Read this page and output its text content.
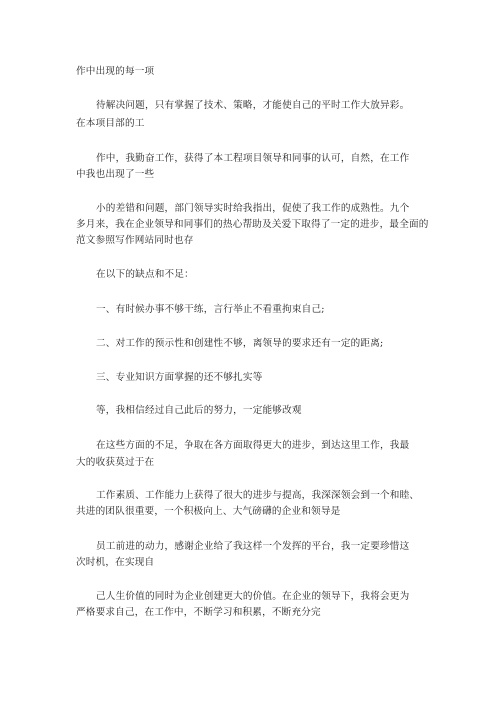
作中出现的每一项
待解决问题，只有掌握了技术、策略，才能使自己的平时工作大放异彩。
在本项目部的工
作中，我勤奋工作，获得了本工程项目领导和同事的认可，自然，在工作
中我也出现了一些
小的差错和问题，部门领导实时给我指出，促使了我工作的成熟性。九个
多月来，我在企业领导和同事们的热心帮助及关爱下取得了一定的进步，最全面的
范文参照写作网站同时也存
在以下的缺点和不足：
一、有时候办事不够干练，言行举止不看重拘束自己;
二、对工作的预示性和创建性不够，离领导的要求还有一定的距离;
三、专业知识方面掌握的还不够扎实等
等，我相信经过自己此后的努力，一定能够改观
在这些方面的不足，争取在各方面取得更大的进步，到达这里工作，我最
大的收获莫过于在
工作素质、工作能力上获得了很大的进步与提高，我深深领会到一个和睦、
共进的团队很重要，一个积极向上、大气磅礴的企业和领导是
员工前进的动力，感谢企业给了我这样一个发挥的平台，我一定要珍惜这
次时机，在实现自
己人生价值的同时为企业创建更大的价值。在企业的领导下，我将会更为
严格要求自己，在工作中，不断学习和积累，不断充分完
